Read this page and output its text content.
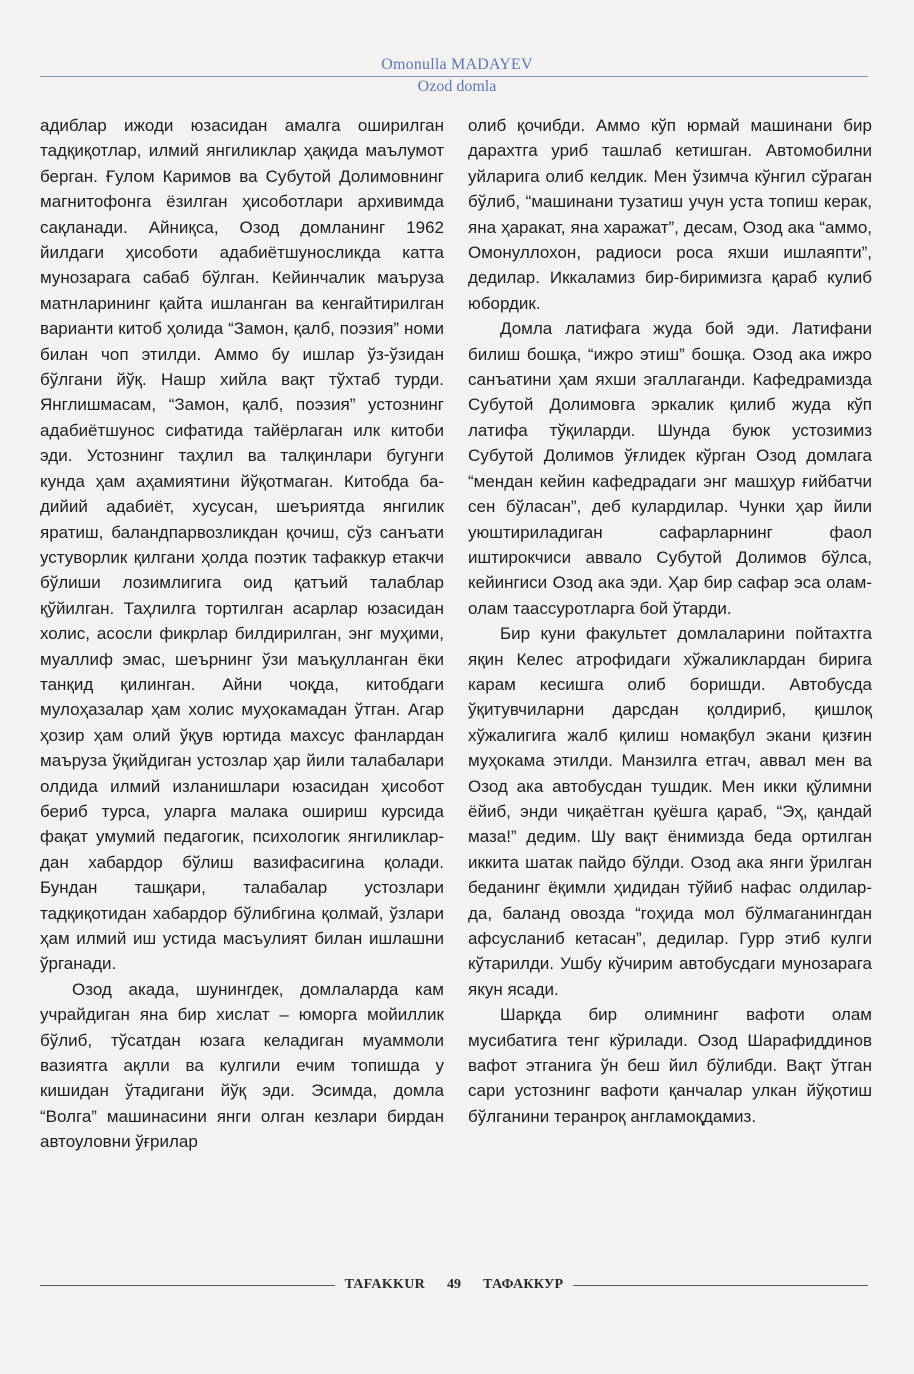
Omonulla MADAYEV
Ozod domla

адиблар ижоди юзасидан амалга оширилган тадқиқотлар, илмий янгиликлар ҳақида маълумот берган. Ғулом Каримов ва Субутой Долимовнинг магнитофонга ёзилган ҳисоботлари архивимда сақланади. Айниқса, Озод домланинг 1962 йилдаги ҳисоботи адабиётшуносликда катта мунозарага сабаб бўлган. Кейинчалик маъруза матнларининг қайта ишланган ва кенгайтирилган варианти китоб ҳолида “Замон, қалб, поэзия” номи билан чоп этилди. Аммо бу ишлар ўз-ўзидан бўлгани йўқ. Нашр хийла вақт тўхтаб турди. Янглишмасам, “Замон, қалб, поэзия” устознинг адабиётшунос сифатида тайёрлаган илк китоби эди. Устознинг таҳлил ва талқинлари бугунги кунда ҳам аҳамиятини йўқотмаган. Китобда бадийий адабиёт, хусусан, шеъриятда янгилик яратиш, баландпарвозликдан қочиш, сўз санъати устуворлик қилгани ҳолда поэтик тафаккур етакчи бўлиши лозимлигига оид қатъий талаблар қўйилган. Таҳлилга тортилган асарлар юзасидан холис, асосли фикрлар билдирилган, энг муҳими, муаллиф эмас, шеърнинг ўзи маъқулланган ёки танқид қилинган. Айни чоқда, китобдаги мулоҳазалар ҳам холис муҳокамадан ўтган. Агар ҳозир ҳам олий ўқув юртида махсус фанлардан маъруза ўқийдиган устозлар ҳар йили талабалари олдида илмий изланишлари юзасидан ҳисобот бериб турса, уларга малака ошириш курсида фақат умумий педагогик, психологик янгиликлардан хабардор бўлиш вазифасигина қолади. Бундан ташқари, талабалар устозлари тадқиқотидан хабардор бўлибгина қолмай, ўзлари ҳам илмий иш устида масъулият билан ишлашни ўрганади.

Озод акада, шунингдек, домлаларда кам учрайдиган яна бир хислат – юморга мойиллик бўлиб, тўсатдан юзага келадиган муаммоли вазиятга ақлли ва кулгили ечим топишда у кишидан ўтадигани йўқ эди. Эсимда, домла “Волга” машинасини янги олган кезлари бирдан автоуловни ўғрилар

олиб қочибди. Аммо кўп юрмай машинани бир дарахтга уриб ташлаб кетишган. Автомобилни уйларига олиб келдик. Мен ўзимча кўнгил сўраган бўлиб, “машинани тузатиш учун уста топиш керак, яна ҳаракат, яна харажат”, десам, Озод ака “аммо, Омонуллохон, радиоси роса яхши ишлаяпти”, дедилар. Иккаламиз бир-биримизга қараб кулиб юбордик.

Домла латифага жуда бой эди. Латифани билиш бошқа, “ижро этиш” бошқа. Озод ака ижро санъатини ҳам яхши эгаллаганди. Кафедрамизда Субутой Долимовга эркалик қилиб жуда кўп латифа тўқиларди. Шунда буюк устозимиз Субутой Долимов ўғлидек кўрган Озод домлага “мендан кейин кафедрадаги энг машҳур ғийбатчи сен бўласан”, деб кулардилар. Чунки ҳар йили уюштириладиган сафарларнинг фаол иштирокчиси аввало Субутой Долимов бўлса, кейингиси Озод ака эди. Ҳар бир сафар эса олам-олам таассуротларга бой ўтарди.

Бир куни факультет домлаларини пойтахтга яқин Келес атрофидаги хўжаликлардан бирига карам кесишга олиб боришди. Автобусда ўқитувчиларни дарсдан қолдириб, қишлоқ хўжалигига жалб қилиш номақбул экани қизғин муҳокама этилди. Манзилга етгач, аввал мен ва Озод ака автобусдан тушдик. Мен икки қўлимни ёйиб, энди чиқаётган қуёшга қараб, “Эҳ, қандай маза!” дедим. Шу вақт ёнимизда беда ортилган иккита шатак пайдо бўлди. Озод ака янги ўрилган беданинг ёқимли ҳидидан тўйиб нафас олдилар-да, баланд овозда “гоҳида мол бўлмаганингдан афсусланиб кетасан”, дедилар. Гурр этиб кулги кўтарилди. Ушбу кўчирим автобусдаги мунозарага якун ясади.

Шарқда бир олимнинг вафоти олам мусибатига тенг кўрилади. Озод Шарафиддинов вафот этганига ўн беш йил бўлибди. Вақт ўтган сари устознинг вафоти қанчалар улкан йўқотиш бўлганини теранроқ англамоқдамиз.

TAFAKKUR	49	ТАФАККУР
